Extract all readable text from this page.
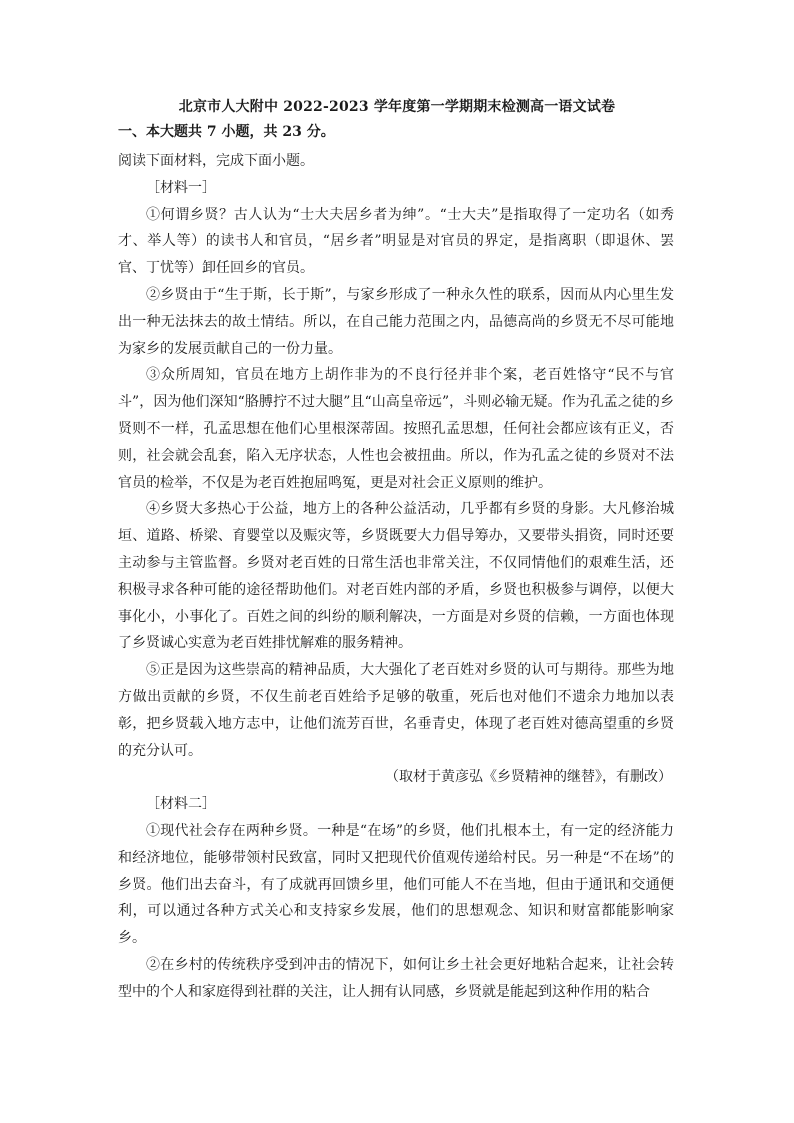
北京市人大附中 2022-2023 学年度第一学期期末检测高一语文试卷
一、本大题共 7 小题，共 23 分。

阅读下面材料，完成下面小题。

［材料一］

①何谓乡贤？古人认为“士大夫居乡者为绅”。“士大夫”是指取得了一定功名（如秀才、举人等）的读书人和官员，“居乡者”明显是对官员的界定，是指离职（即退休、罢官、丁忧等）卸任回乡的官员。

②乡贤由于“生于斯，长于斯”，与家乡形成了一种永久性的联系，因而从内心里生发出一种无法抹去的故土情结。所以，在自己能力范围之内，品德高尚的乡贤无不尽可能地为家乡的发展贡献自己的一份力量。

③众所周知，官员在地方上胡作非为的不良行径并非个案，老百姓恪守“民不与官斗”，因为他们深知“胳膊拧不过大腿”且“山高皇帝远”，斗则必输无疑。作为孔孟之徒的乡贤则不一样，孔孟思想在他们心里根深蒂固。按照孔孟思想，任何社会都应该有正义，否则，社会就会乱套，陷入无序状态，人性也会被扭曲。所以，作为孔孟之徒的乡贤对不法官员的检举，不仅是为老百姓抱屈鸣冤，更是对社会正义原则的维护。

④乡贤大多热心于公益，地方上的各种公益活动，几乎都有乡贤的身影。大凡修治城垣、道路、桥梁、育婴堂以及赈灾等，乡贤既要大力倡导筹办，又要带头捐资，同时还要主动参与主管监督。乡贤对老百姓的日常生活也非常关注，不仅同情他们的艰难生活，还积极寻求各种可能的途径帮助他们。对老百姓内部的矛盾，乡贤也积极参与调停，以便大事化小，小事化了。百姓之间的纠纷的顺利解决，一方面是对乡贤的信赖，一方面也体现了乡贤诚心实意为老百姓排忧解难的服务精神。

⑤正是因为这些崇高的精神品质，大大强化了老百姓对乡贤的认可与期待。那些为地方做出贡献的乡贤，不仅生前老百姓给予足够的敬重，死后也对他们不遗余力地加以表彰，把乡贤载入地方志中，让他们流芳百世，名垂青史，体现了老百姓对德高望重的乡贤的充分认可。

（取材于黄彦弘《乡贤精神的继替》，有删改）

［材料二］

①现代社会存在两种乡贤。一种是“在场”的乡贤，他们扎根本土，有一定的经济能力和经济地位，能够带领村民致富，同时又把现代价值观传递给村民。另一种是“不在场”的乡贤。他们出去奋斗，有了成就再回馈乡里，他们可能人不在当地，但由于通讯和交通便利，可以通过各种方式关心和支持家乡发展，他们的思想观念、知识和财富都能影响家乡。

②在乡村的传统秩序受到冲击的情况下，如何让乡土社会更好地粘合起来，让社会转型中的个人和家庭得到社群的关注，让人拥有认同感，乡贤就是能起到这种作用的粘合
